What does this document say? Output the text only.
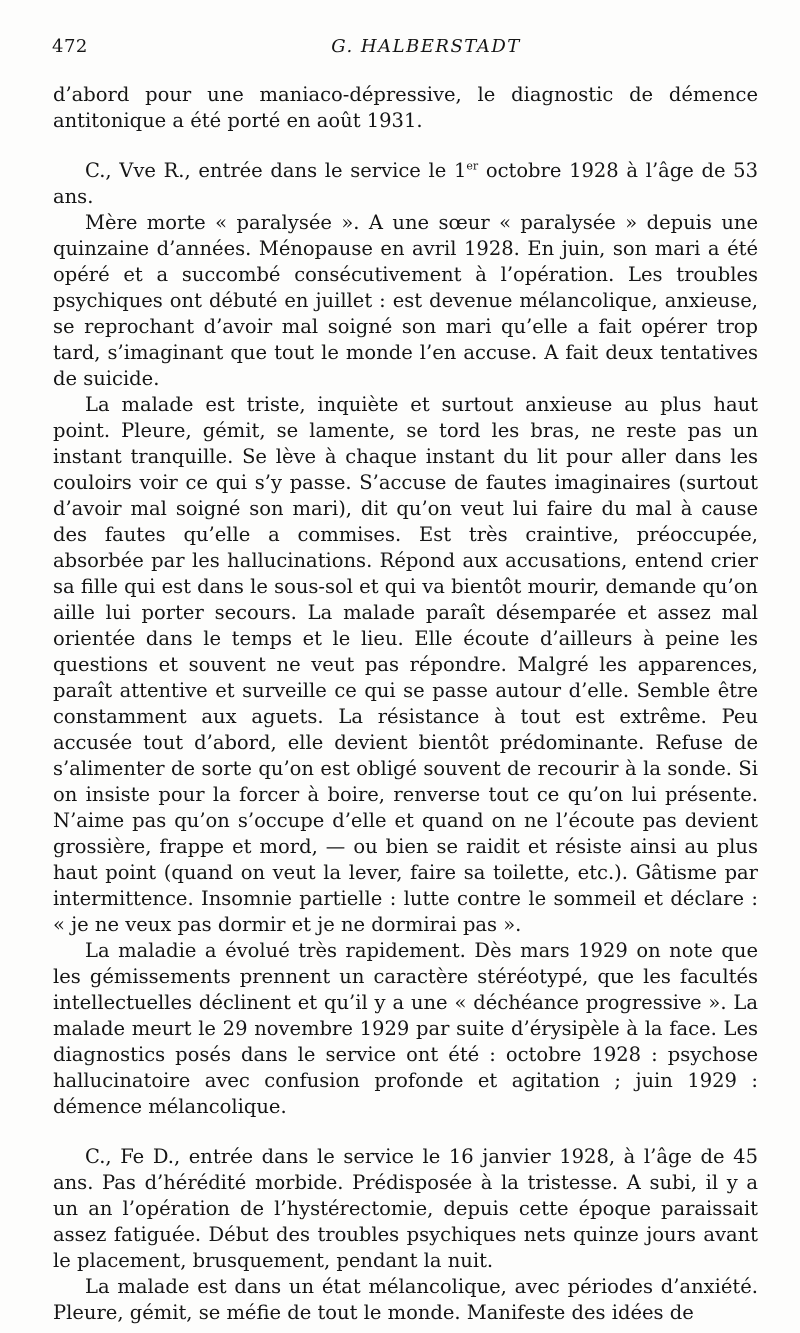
472	G. HALBERSTADT

d’abord pour une maniaco-dépressive, le diagnostic de démence antitonique a été porté en août 1931.

C., Vve R., entrée dans le service le 1er octobre 1928 à l’âge de 53 ans.

Mère morte « paralysée ». A une sœur « paralysée » depuis une quinzaine d’années. Ménopause en avril 1928. En juin, son mari a été opéré et a succombé consécutivement à l’opération. Les troubles psychiques ont débuté en juillet : est devenue mélancolique, anxieuse, se reprochant d’avoir mal soigné son mari qu’elle a fait opérer trop tard, s’imaginant que tout le monde l’en accuse. A fait deux tentatives de suicide.

La malade est triste, inquiète et surtout anxieuse au plus haut point. Pleure, gémit, se lamente, se tord les bras, ne reste pas un instant tranquille. Se lève à chaque instant du lit pour aller dans les couloirs voir ce qui s’y passe. S’accuse de fautes imaginaires (surtout d’avoir mal soigné son mari), dit qu’on veut lui faire du mal à cause des fautes qu’elle a commises. Est très craintive, préoccupée, absorbée par les hallucinations. Répond aux accusations, entend crier sa fille qui est dans le sous-sol et qui va bientôt mourir, demande qu’on aille lui porter secours. La malade paraît désemparée et assez mal orientée dans le temps et le lieu. Elle écoute d’ailleurs à peine les questions et souvent ne veut pas répondre. Malgré les apparences, paraît attentive et surveille ce qui se passe autour d’elle. Semble être constamment aux aguets. La résistance à tout est extrême. Peu accusée tout d’abord, elle devient bientôt prédominante. Refuse de s’alimenter de sorte qu’on est obligé souvent de recourir à la sonde. Si on insiste pour la forcer à boire, renverse tout ce qu’on lui présente. N’aime pas qu’on s’occupe d’elle et quand on ne l’écoute pas devient grossière, frappe et mord, — ou bien se raidit et résiste ainsi au plus haut point (quand on veut la lever, faire sa toilette, etc.). Gâtisme par intermittence. Insomnie partielle : lutte contre le sommeil et déclare : « je ne veux pas dormir et je ne dormirai pas ».

La maladie a évolué très rapidement. Dès mars 1929 on note que les gémissements prennent un caractère stéréotypé, que les facultés intellectuelles déclinent et qu’il y a une « déchéance progressive ». La malade meurt le 29 novembre 1929 par suite d’érysipèle à la face. Les diagnostics posés dans le service ont été : octobre 1928 : psychose hallucinatoire avec confusion profonde et agitation ; juin 1929 : démence mélancolique.

C., Fe D., entrée dans le service le 16 janvier 1928, à l’âge de 45 ans. Pas d’hérédité morbide. Prédisposée à la tristesse. A subi, il y a un an l’opération de l’hystérectomie, depuis cette époque paraissait assez fatiguée. Début des troubles psychiques nets quinze jours avant le placement, brusquement, pendant la nuit.

La malade est dans un état mélancolique, avec périodes d’anxiété. Pleure, gémit, se méfie de tout le monde. Manifeste des idées de
